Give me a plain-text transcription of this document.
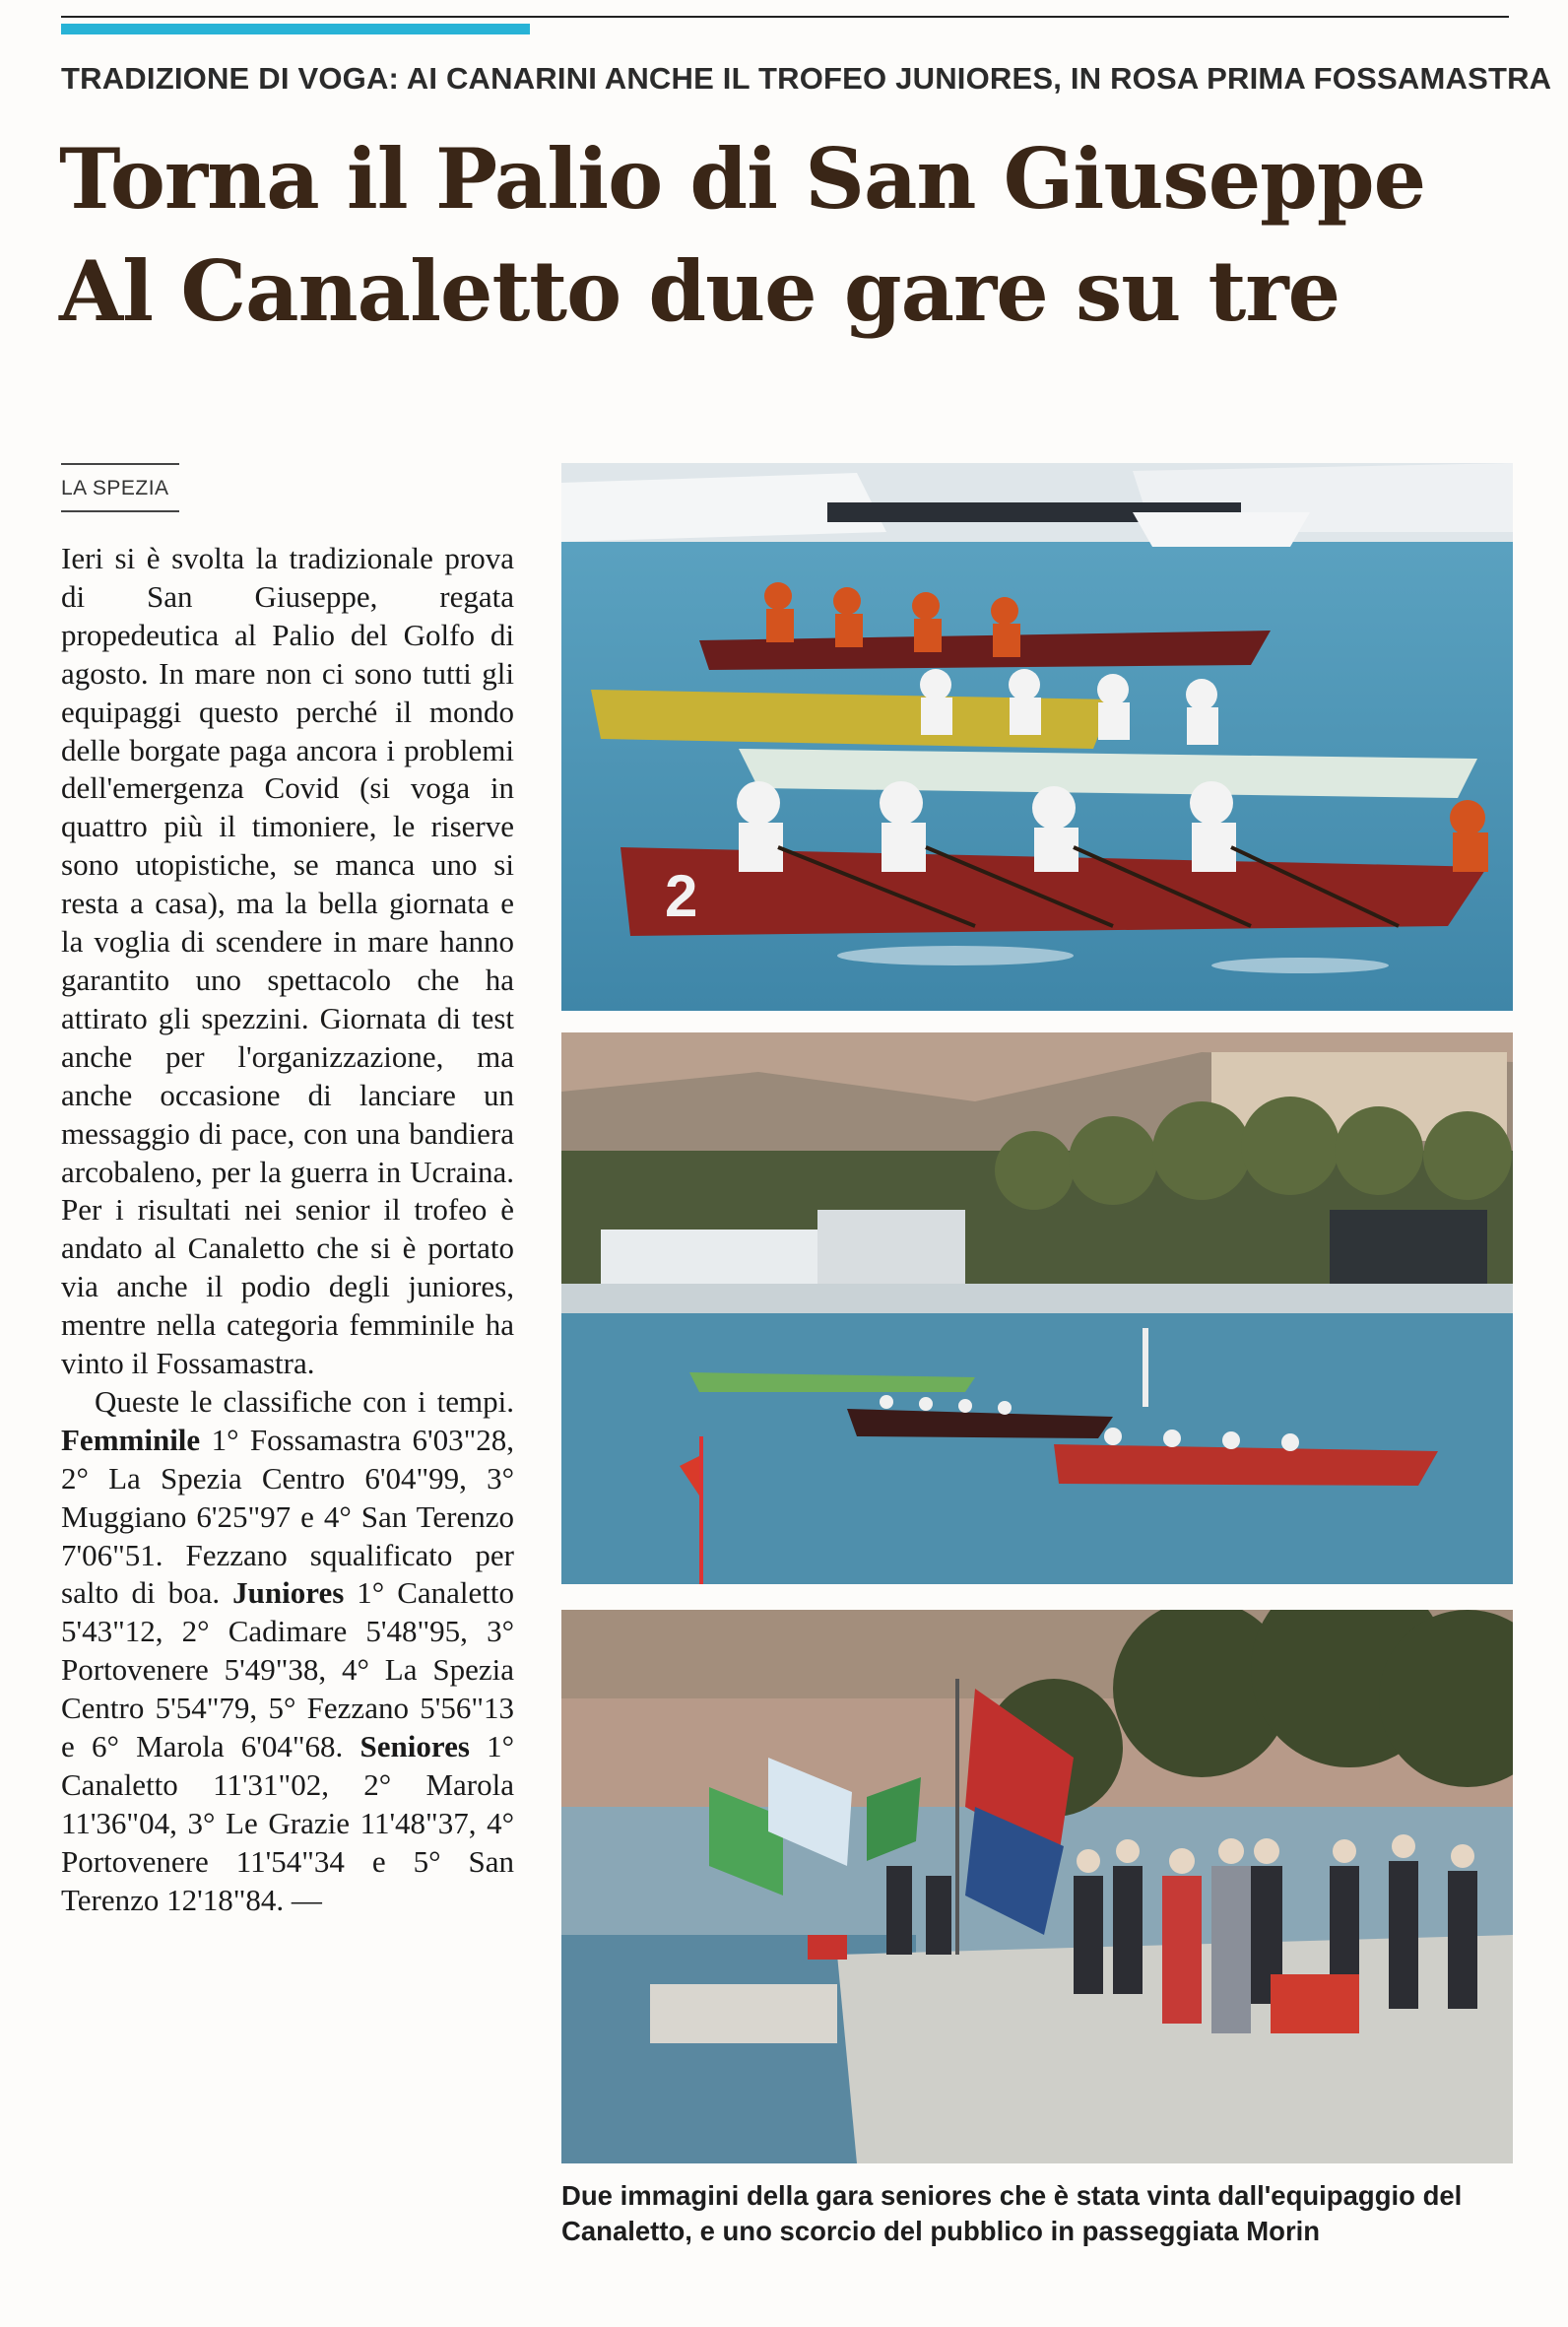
TRADIZIONE DI VOGA: AI CANARINI ANCHE IL TROFEO JUNIORES, IN ROSA PRIMA FOSSAMASTRA
Torna il Palio di San Giuseppe
Al Canaletto due gare su tre
LA SPEZIA

Ieri si è svolta la tradizionale prova di San Giuseppe, regata propedeutica al Palio del Golfo di agosto. In mare non ci sono tutti gli equipaggi questo perché il mondo delle borgate paga ancora i problemi dell'emergenza Covid (si voga in quattro più il timoniere, le riserve sono utopistiche, se manca uno si resta a casa), ma la bella giornata e la voglia di scendere in mare hanno garantito uno spettacolo che ha attirato gli spezzini. Giornata di test anche per l'organizzazione, ma anche occasione di lanciare un messaggio di pace, con una bandiera arcobaleno, per la guerra in Ucraina. Per i risultati nei senior il trofeo è andato al Canaletto che si è portato via anche il podio degli juniores, mentre nella categoria femminile ha vinto il Fossamastra.

Queste le classifiche con i tempi. Femminile 1° Fossamastra 6'03"28, 2° La Spezia Centro 6'04"99, 3° Muggiano 6'25"97 e 4° San Terenzo 7'06"51. Fezzano squalificato per salto di boa. Juniores 1° Canaletto 5'43"12, 2° Cadimare 5'48"95, 3° Portovenere 5'49"38, 4° La Spezia Centro 5'54"79, 5° Fezzano 5'56"13 e 6° Marola 6'04"68. Seniores 1° Canaletto 11'31"02, 2° Marola 11'36"04, 3° Le Grazie 11'48"37, 4° Portovenere 11'54"34 e 5° San Terenzo 12'18"84. —

2
Due immagini della gara seniores che è stata vinta dall'equipaggio del Canaletto, e uno scorcio del pubblico in passeggiata Morin
